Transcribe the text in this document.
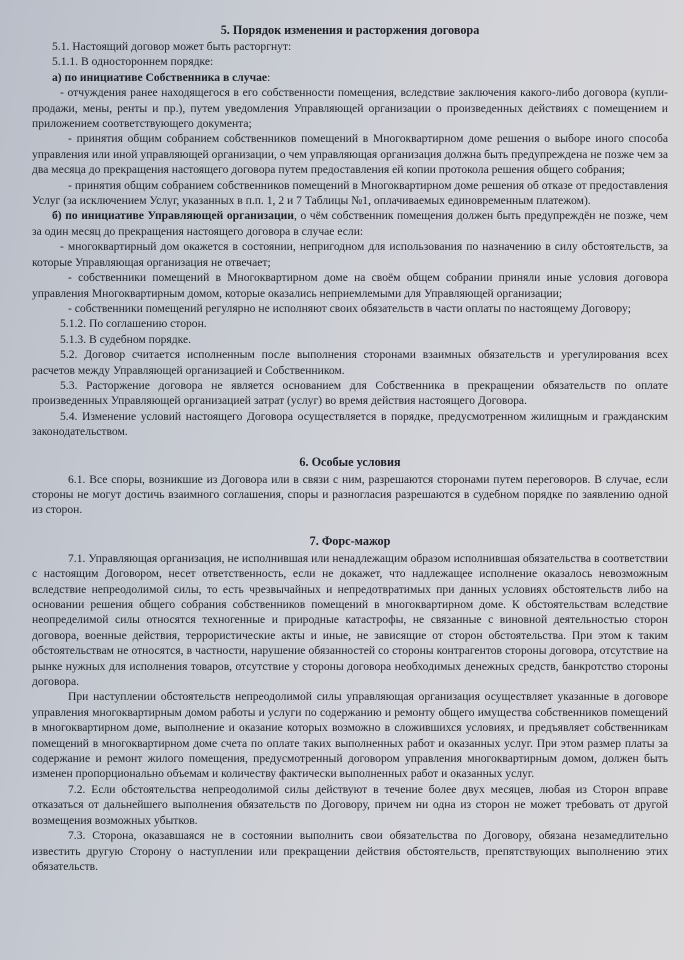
5. Порядок изменения и расторжения договора

5.1. Настоящий договор может быть расторгнут:

5.1.1. В одностороннем порядке:

а) по инициативе Собственника в случае:

- отчуждения ранее находящегося в его собственности помещения, вследствие заключения какого-либо договора (купли-продажи, мены, ренты и пр.), путем уведомления Управляющей организации о произведенных действиях с помещением и приложением соответствующего документа;

- принятия общим собранием собственников помещений в Многоквартирном доме решения о выборе иного способа управления или иной управляющей организации, о чем управляющая организация должна быть предупреждена не позже чем за два месяца до прекращения настоящего договора путем предоставления ей копии протокола решения общего собрания;

- принятия общим собранием собственников помещений в Многоквартирном доме решения об отказе от предоставления Услуг (за исключением Услуг, указанных в п.п. 1, 2 и 7 Таблицы №1, оплачиваемых единовременным платежом).

б) по инициативе Управляющей организации, о чём собственник помещения должен быть предупреждён не позже, чем за один месяц до прекращения настоящего договора в случае если:

- многоквартирный дом окажется в состоянии, непригодном для использования по назначению в силу обстоятельств, за которые Управляющая организация не отвечает;

- собственники помещений в Многоквартирном доме на своём общем собрании приняли иные условия договора управления Многоквартирным домом, которые оказались неприемлемыми для Управляющей организации;

- собственники помещений регулярно не исполняют своих обязательств в части оплаты по настоящему Договору;

5.1.2. По соглашению сторон.

5.1.3. В судебном порядке.

5.2. Договор считается исполненным после выполнения сторонами взаимных обязательств и урегулирования всех расчетов между Управляющей организацией и Собственником.

5.3. Расторжение договора не является основанием для Собственника в прекращении обязательств по оплате произведенных Управляющей организацией затрат (услуг) во время действия настоящего Договора.

5.4. Изменение условий настоящего Договора осуществляется в порядке, предусмотренном жилищным и гражданским законодательством.

6. Особые условия

6.1. Все споры, возникшие из Договора или в связи с ним, разрешаются сторонами путем переговоров. В случае, если стороны не могут достичь взаимного соглашения, споры и разногласия разрешаются в судебном порядке по заявлению одной из сторон.

7. Форс-мажор

7.1. Управляющая организация, не исполнившая или ненадлежащим образом исполнившая обязательства в соответствии с настоящим Договором, несет ответственность, если не докажет, что надлежащее исполнение оказалось невозможным вследствие непреодолимой силы, то есть чрезвычайных и непредотвратимых при данных условиях обстоятельств либо на основании решения общего собрания собственников помещений в многоквартирном доме. К обстоятельствам вследствие неопределимой силы относятся техногенные и природные катастрофы, не связанные с виновной деятельностью сторон договора, военные действия, террористические акты и иные, не зависящие от сторон обстоятельства. При этом к таким обстоятельствам не относятся, в частности, нарушение обязанностей со стороны контрагентов стороны договора, отсутствие на рынке нужных для исполнения товаров, отсутствие у стороны договора необходимых денежных средств, банкротство стороны договора.

При наступлении обстоятельств непреодолимой силы управляющая организация осуществляет указанные в договоре управления многоквартирным домом работы и услуги по содержанию и ремонту общего имущества собственников помещений в многоквартирном доме, выполнение и оказание которых возможно в сложившихся условиях, и предъявляет собственникам помещений в многоквартирном доме счета по оплате таких выполненных работ и оказанных услуг. При этом размер платы за содержание и ремонт жилого помещения, предусмотренный договором управления многоквартирным домом, должен быть изменен пропорционально объемам и количеству фактически выполненных работ и оказанных услуг.

7.2. Если обстоятельства непреодолимой силы действуют в течение более двух месяцев, любая из Сторон вправе отказаться от дальнейшего выполнения обязательств по Договору, причем ни одна из сторон не может требовать от другой возмещения возможных убытков.

7.3. Сторона, оказавшаяся не в состоянии выполнить свои обязательства по Договору, обязана незамедлительно известить другую Сторону о наступлении или прекращении действия обстоятельств, препятствующих выполнению этих обязательств.
